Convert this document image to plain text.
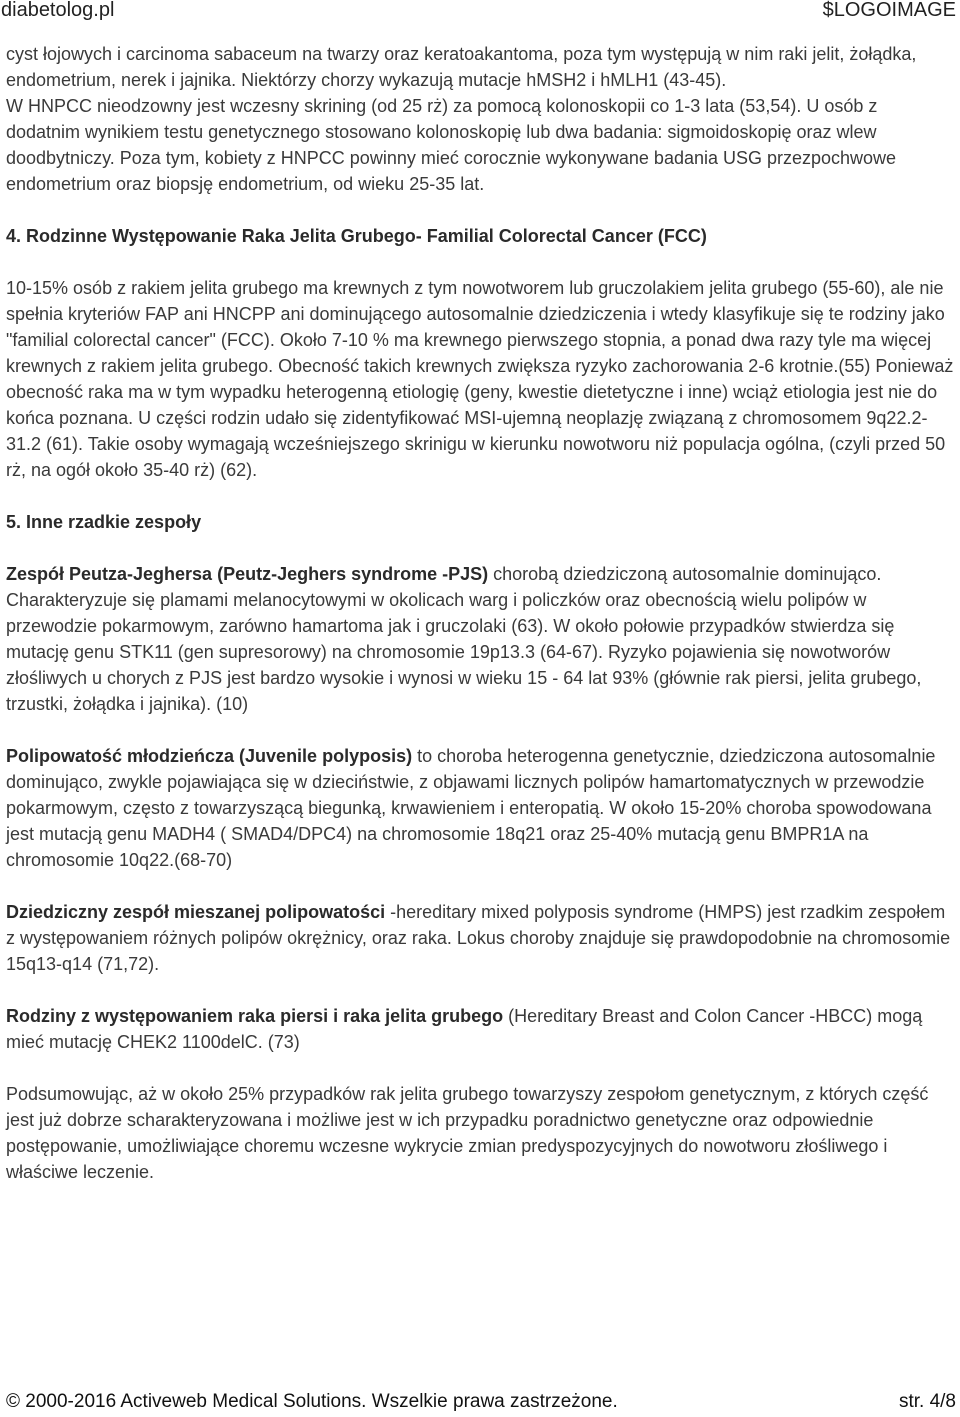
diabetolog.pl	$LOGOIMAGE

cyst łojowych i carcinoma sabaceum na twarzy oraz keratoakantoma, poza tym występują w nim raki jelit, żołądka, endometrium, nerek i jajnika. Niektórzy chorzy wykazują mutacje hMSH2 i hMLH1 (43-45).

W HNPCC nieodzowny jest wczesny skrining (od 25 rż) za pomocą kolonoskopii co 1-3 lata (53,54). U osób z dodatnim wynikiem testu genetycznego stosowano kolonoskopię lub dwa badania: sigmoidoskopię oraz wlew doodbytniczy. Poza tym, kobiety z HNPCC powinny mieć corocznie wykonywane badania USG przezpochwowe endometrium oraz biopsję endometrium, od wieku 25-35 lat.

4. Rodzinne Występowanie Raka Jelita Grubego- Familial Colorectal Cancer (FCC)

10-15% osób z rakiem jelita grubego ma krewnych z tym nowotworem lub gruczolakiem jelita grubego (55-60), ale nie spełnia kryteriów FAP ani HNCPP ani dominującego autosomalnie dziedziczenia i wtedy klasyfikuje się te rodziny jako "familial colorectal cancer" (FCC). Około 7-10 % ma krewnego pierwszego stopnia, a ponad dwa razy tyle ma więcej krewnych z rakiem jelita grubego. Obecność takich krewnych zwiększa ryzyko zachorowania 2-6 krotnie.(55) Ponieważ obecność raka ma w tym wypadku heterogenną etiologię (geny, kwestie dietetyczne i inne) wciąż etiologia jest nie do końca poznana. U części rodzin udało się zidentyfikować MSI-ujemną neoplazję związaną z chromosomem 9q22.2-31.2 (61). Takie osoby wymagają wcześniejszego skrinigu w kierunku nowotworu niż populacja ogólna, (czyli przed 50 rż, na ogół około 35-40 rż) (62).

5. Inne rzadkie zespoły

Zespół Peutza-Jeghersa (Peutz-Jeghers syndrome -PJS) chorobą dziedziczoną autosomalnie dominująco. Charakteryzuje się plamami melanocytowymi w okolicach warg i policzków oraz obecnością wielu polipów w przewodzie pokarmowym, zarówno hamartoma jak i gruczolaki (63). W około połowie przypadków stwierdza się mutację genu STK11 (gen supresorowy) na chromosomie 19p13.3 (64-67). Ryzyko pojawienia się nowotworów złośliwych u chorych z PJS jest bardzo wysokie i wynosi w wieku 15 - 64 lat 93% (głównie rak piersi, jelita grubego, trzustki, żołądka i jajnika). (10)

Polipowatość młodzieńcza (Juvenile polyposis) to choroba heterogenna genetycznie, dziedziczona autosomalnie dominująco, zwykle pojawiająca się w dzieciństwie, z objawami licznych polipów hamartomatycznych w przewodzie pokarmowym, często z towarzyszącą biegunką, krwawieniem i enteropatią. W około 15-20% choroba spowodowana jest mutacją genu MADH4 ( SMAD4/DPC4) na chromosomie 18q21 oraz 25-40% mutacją genu BMPR1A na chromosomie 10q22.(68-70)

Dziedziczny zespół mieszanej polipowatości -hereditary mixed polyposis syndrome (HMPS) jest rzadkim zespołem z występowaniem różnych polipów okrężnicy, oraz raka. Lokus choroby znajduje się prawdopodobnie na chromosomie 15q13-q14 (71,72).

Rodziny z występowaniem raka piersi i raka jelita grubego (Hereditary Breast and Colon Cancer -HBCC) mogą mieć mutację CHEK2 1100delC. (73)

Podsumowując, aż w około 25% przypadków rak jelita grubego towarzyszy zespołom genetycznym, z których część jest już dobrze scharakteryzowana i możliwe jest w ich przypadku poradnictwo genetyczne oraz odpowiednie postępowanie, umożliwiające choremu wczesne wykrycie zmian predyspozycyjnych do nowotworu złośliwego i właściwe leczenie.

© 2000-2016 Activeweb Medical Solutions. Wszelkie prawa zastrzeżone.	str. 4/8
